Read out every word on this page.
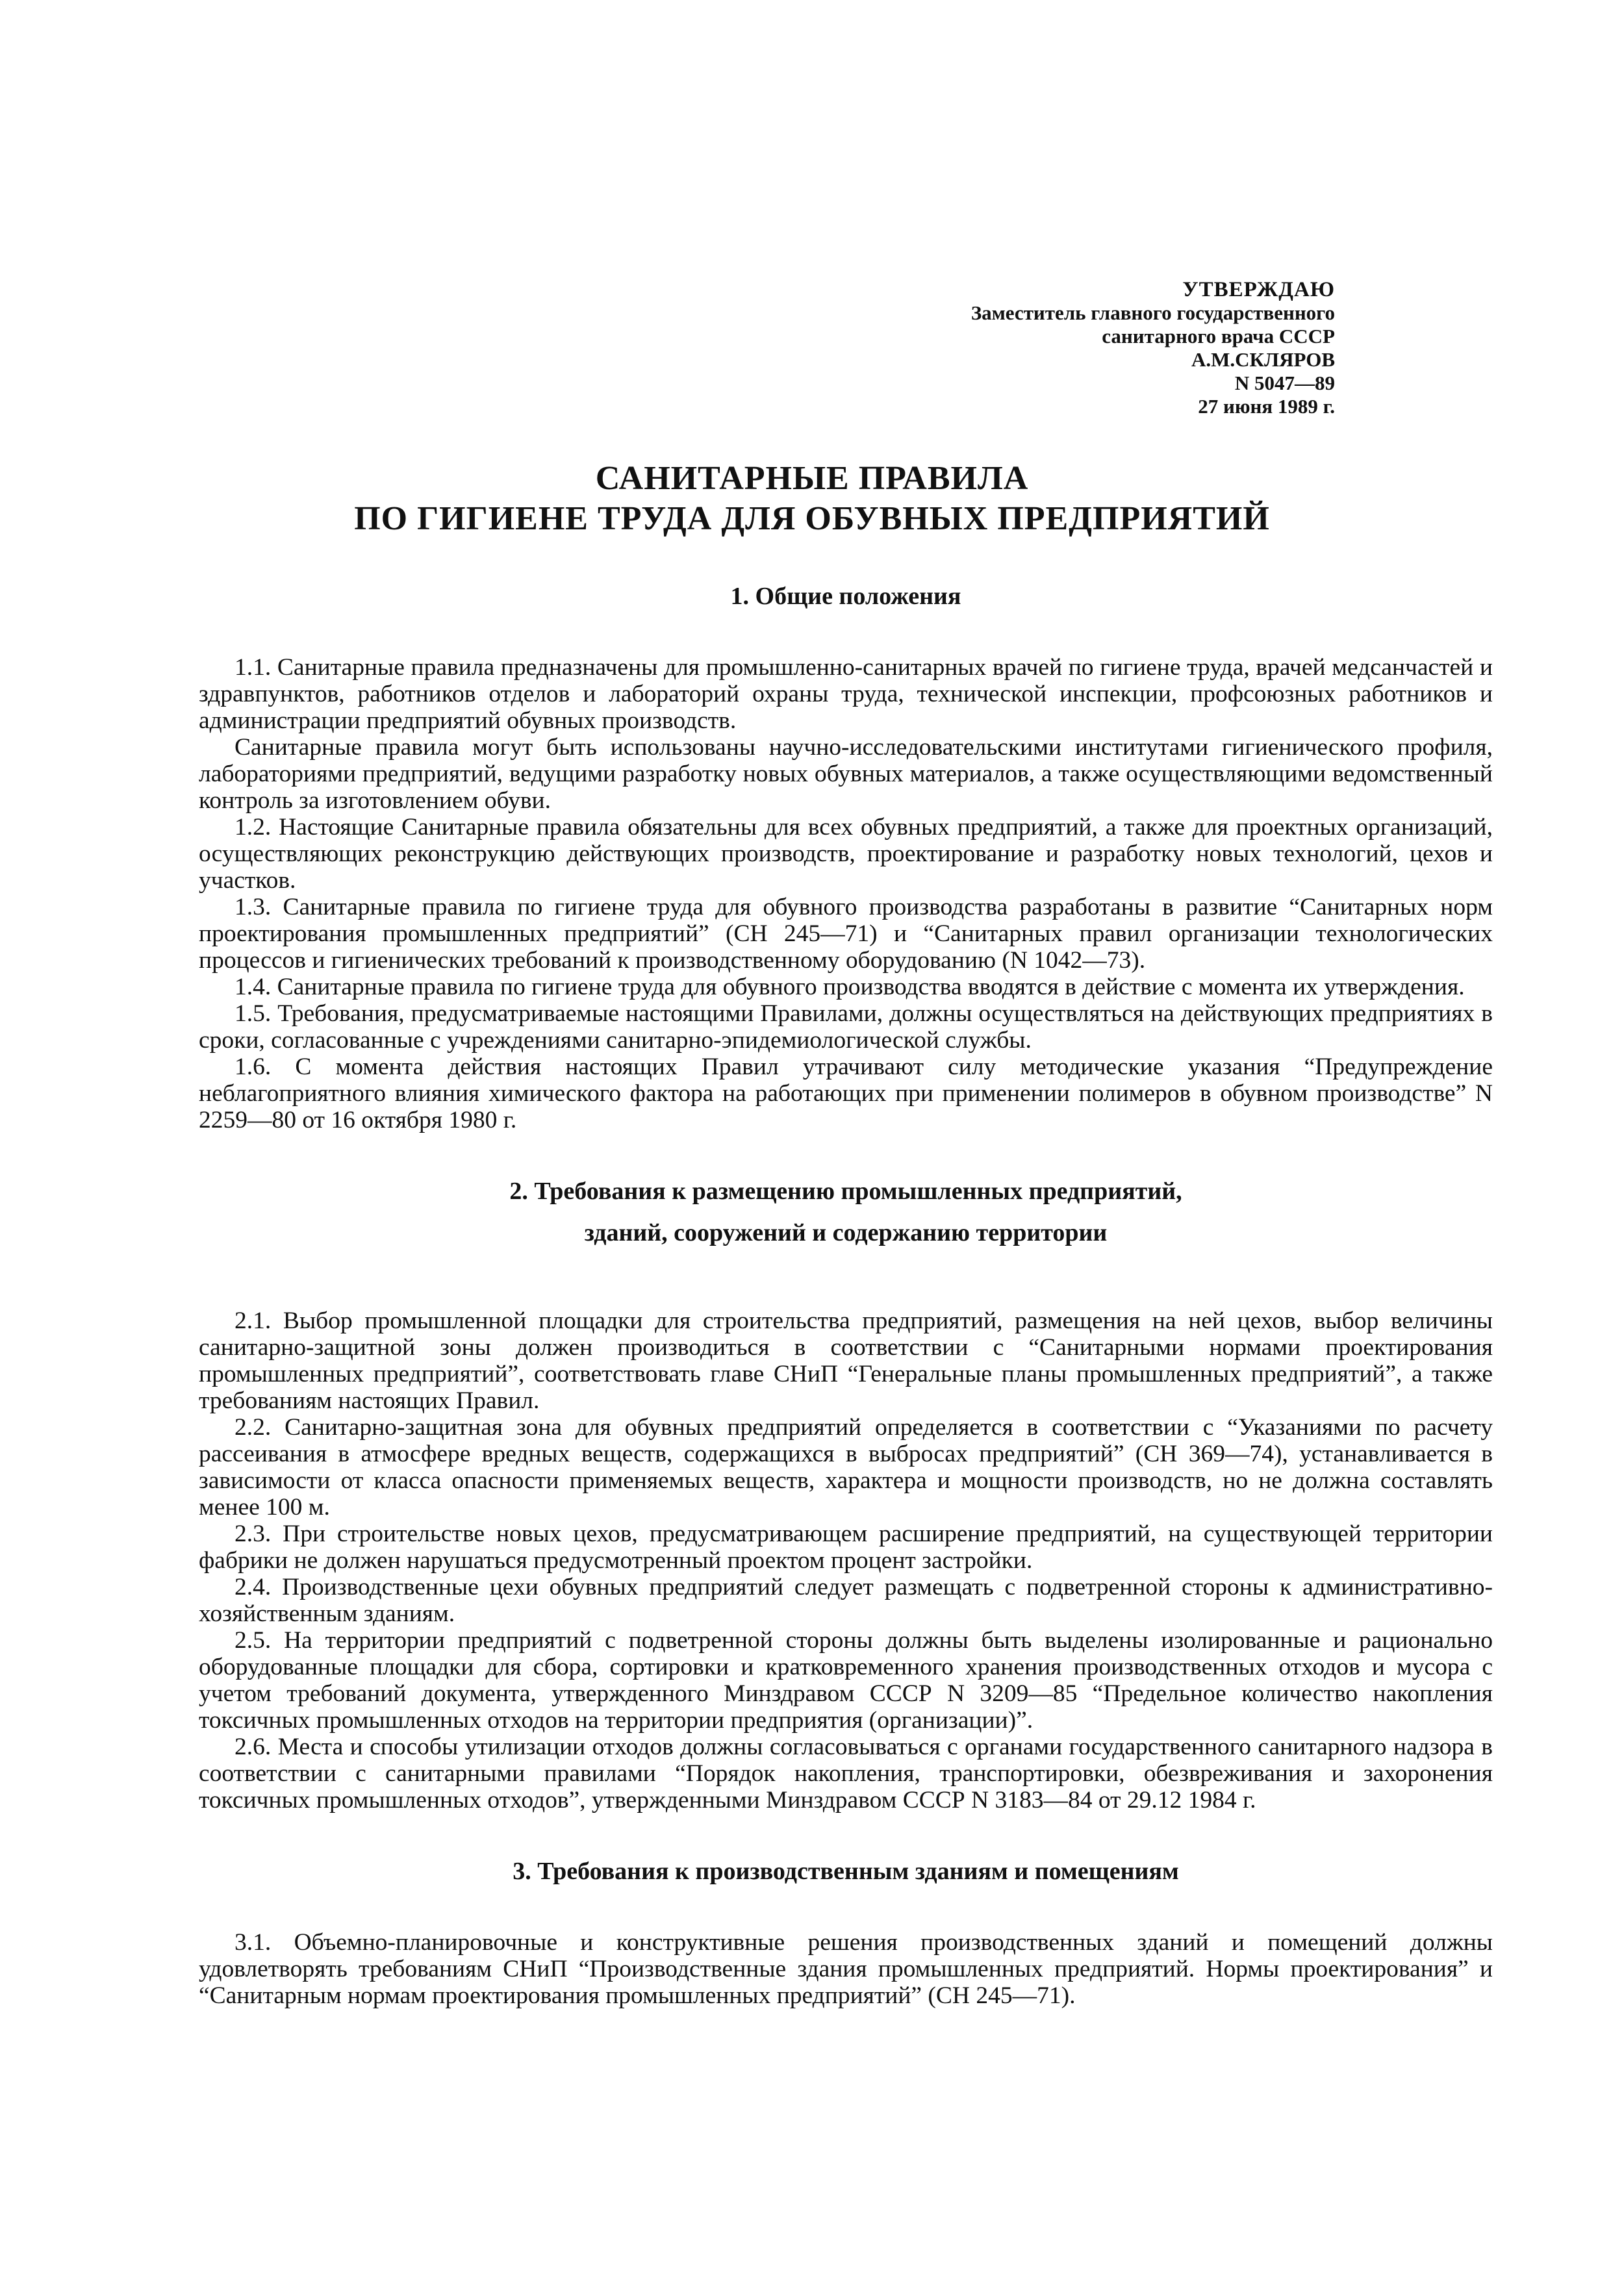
УТВЕРЖДАЮ
Заместитель главного государственного
санитарного врача СССР
А.М.СКЛЯРОВ
N 5047—89
27 июня 1989 г.
САНИТАРНЫЕ ПРАВИЛА
ПО ГИГИЕНЕ ТРУДА ДЛЯ ОБУВНЫХ ПРЕДПРИЯТИЙ
1. Общие положения

1.1. Санитарные правила предназначены для промышленно-санитарных врачей по гигиене труда, врачей медсанчастей и здравпунктов, работников отделов и лабораторий охраны труда, технической инспекции, профсоюзных работников и администрации предприятий обувных производств.

Санитарные правила могут быть использованы научно-исследовательскими институтами гигиенического профиля, лабораториями предприятий, ведущими разработку новых обувных материалов, а также осуществляющими ведомственный контроль за изготовлением обуви.

1.2. Настоящие Санитарные правила обязательны для всех обувных предприятий, а также для проектных организаций, осуществляющих реконструкцию действующих производств, проектирование и разработку новых технологий, цехов и участков.

1.3. Санитарные правила по гигиене труда для обувного производства разработаны в развитие “Санитарных норм проектирования промышленных предприятий” (СН 245—71) и “Санитарных правил организации технологических процессов и гигиенических требований к производственному оборудованию (N 1042—73).

1.4. Санитарные правила по гигиене труда для обувного производства вводятся в действие с момента их утверждения.

1.5. Требования, предусматриваемые настоящими Правилами, должны осуществляться на действующих предприятиях в сроки, согласованные с учреждениями санитарно-эпидемиологической службы.

1.6. С момента действия настоящих Правил утрачивают силу методические указания “Предупреждение неблагоприятного влияния химического фактора на работающих при применении полимеров в обувном производстве” N 2259—80 от 16 октября 1980 г.

2. Требования к размещению промышленных предприятий,
зданий, сооружений и содержанию территории

2.1. Выбор промышленной площадки для строительства предприятий, размещения на ней цехов, выбор величины санитарно-защитной зоны должен производиться в соответствии с “Санитарными нормами проектирования промышленных предприятий”, соответствовать главе СНиП “Генеральные планы промышленных предприятий”, а также требованиям настоящих Правил.

2.2. Санитарно-защитная зона для обувных предприятий определяется в соответствии с “Указаниями по расчету рассеивания в атмосфере вредных веществ, содержащихся в выбросах предприятий” (СН 369—74), устанавливается в зависимости от класса опасности применяемых веществ, характера и мощности производств, но не должна составлять менее 100 м.

2.3. При строительстве новых цехов, предусматривающем расширение предприятий, на существующей территории фабрики не должен нарушаться предусмотренный проектом процент застройки.

2.4. Производственные цехи обувных предприятий следует размещать с подветренной стороны к административно-хозяйственным зданиям.

2.5. На территории предприятий с подветренной стороны должны быть выделены изолированные и рационально оборудованные площадки для сбора, сортировки и кратковременного хранения производственных отходов и мусора с учетом требований документа, утвержденного Минздравом СССР N 3209—85 “Предельное количество накопления токсичных промышленных отходов на территории предприятия (организации)”.

2.6. Места и способы утилизации отходов должны согласовываться с органами государственного санитарного надзора в соответствии с санитарными правилами “Порядок накопления, транспортировки, обезвреживания и захоронения токсичных промышленных отходов”, утвержденными Минздравом СССР N 3183—84 от 29.12 1984 г.

3. Требования к производственным зданиям и помещениям

3.1. Объемно-планировочные и конструктивные решения производственных зданий и помещений должны удовлетворять требованиям СНиП “Производственные здания промышленных предприятий. Нормы проектирования” и “Санитарным нормам проектирования промышленных предприятий” (СН 245—71).
